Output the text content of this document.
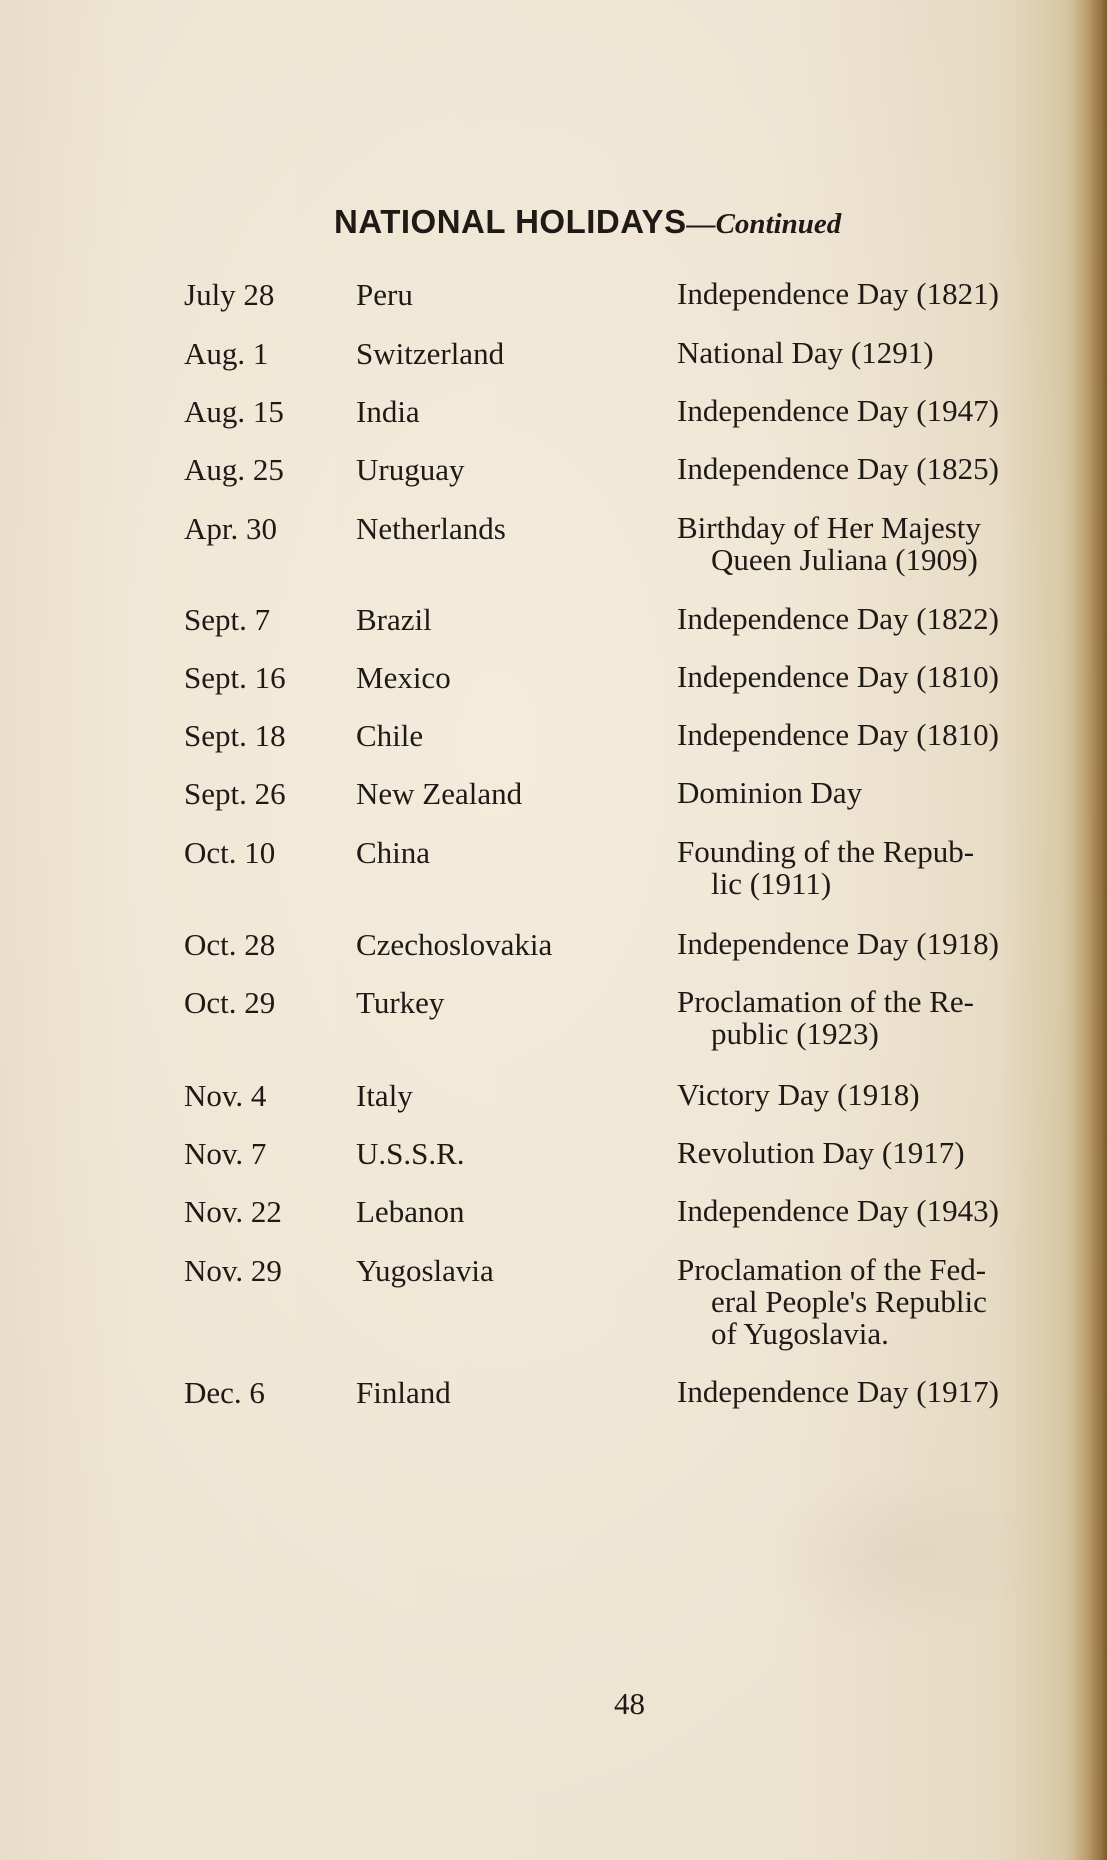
NATIONAL HOLIDAYS—Continued
July 28	Peru	Independence Day (1821)
Aug. 1	Switzerland	National Day (1291)
Aug. 15 India	Independence Day (1947)
Aug. 25 Uruguay	Independence Day (1825)
Apr. 30	Netherlands	Birthday of Her Majesty
Queen Juliana (1909)
Sept. 7	Brazil	Independence Day (1822)
Sept. 16 Mexico	Independence Day (1810)
Sept. 18 Chile	Independence Day (1810)
Sept. 26 New Zealand	Dominion Day
Oct. 10	China	Founding of the Repub-
lic (1911)
Oct. 28	Czechoslovakia	Independence Day (1918)
Oct. 29	Turkey	Proclamation of the Re-
public (1923)
Nov. 4	Italy	Victory Day (1918)
Nov. 7	U.S.S.R.	Revolution Day (1917)
Nov. 22 Lebanon	Independence Day (1943)
Nov. 29 Yugoslavia	Proclamation of the Fed-
eral People's Republic
of Yugoslavia.
Dec. 6	Finland	Independence Day (1917)
48
